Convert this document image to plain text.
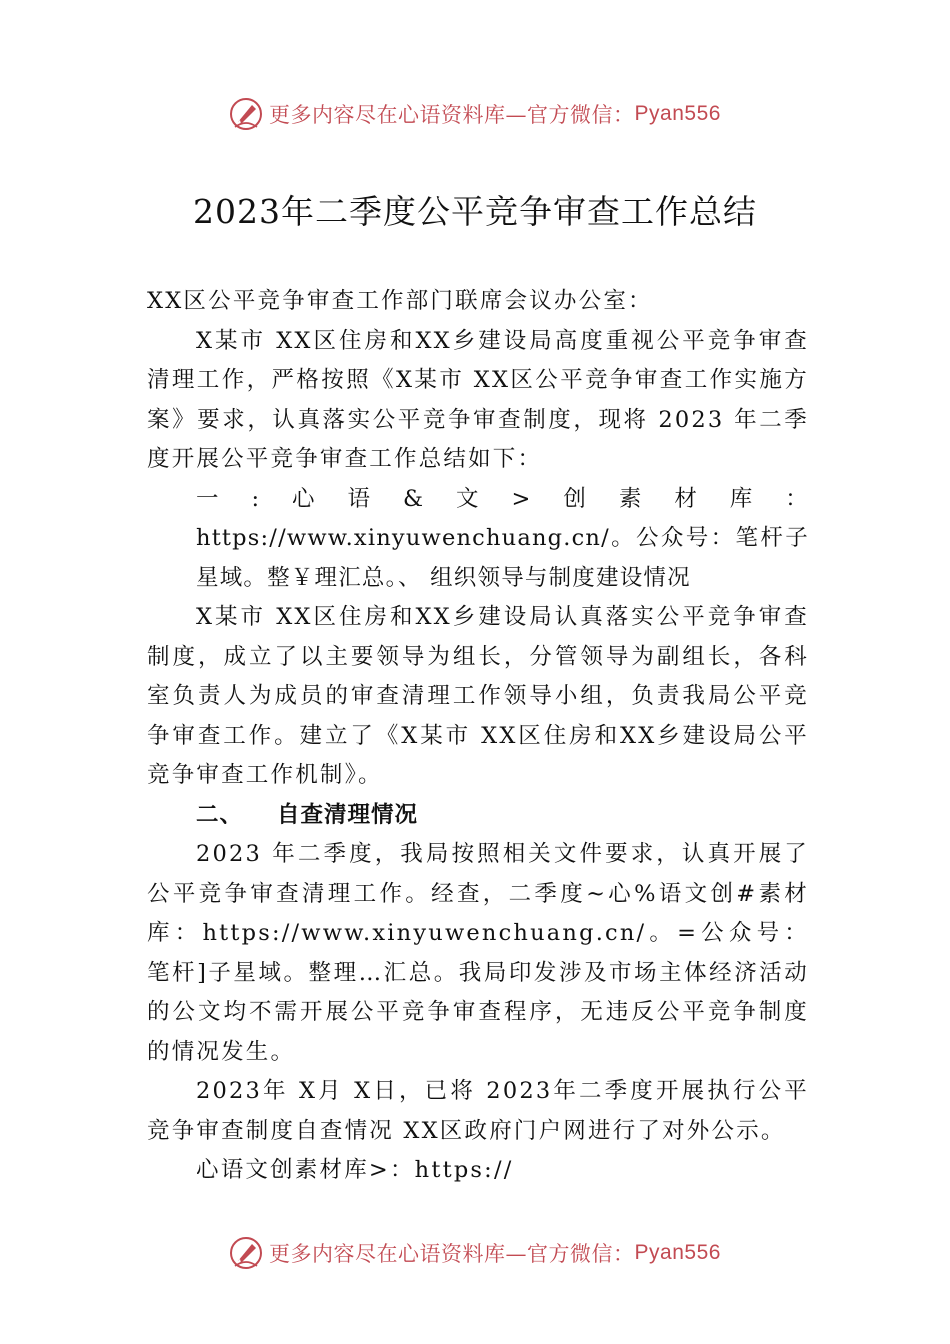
更多内容尽在心语资料库—官方微信： Pyan556
2023年二季度公平竞争审查工作总结

XX区公平竞争审查工作部门联席会议办公室：

X某市 XX区住房和XX乡建设局高度重视公平竞争审查清理工作，严格按照《X某市 XX区公平竞争审查工作实施方案》要求，认真落实公平竞争审查制度，现将 2023 年二季度开展公平竞争审查工作总结如下：

一:心语&文>创素材库：https://www.xinyuwenchuang.cn/。公众号：笔杆子星域。整￥理汇总。、 组织领导与制度建设情况

X某市 XX区住房和XX乡建设局认真落实公平竞争审查制度，成立了以主要领导为组长，分管领导为副组长，各科室负责人为成员的审查清理工作领导小组，负责我局公平竞争审查工作。建立了《X某市 XX区住房和XX乡建设局公平竞争审查工作机制》。

二、 自查清理情况

2023 年二季度，我局按照相关文件要求，认真开展了公平竞争审查清理工作。经查，二季度~心%语文创#素材库：https://www.xinyuwenchuang.cn/。=公众号：笔杆]子星域。整理…汇总。我局印发涉及市场主体经济活动的公文均不需开展公平竞争审查程序，无违反公平竞争制度的情况发生。

2023年 X月 X日，已将 2023年二季度开展执行公平竞争审查制度自查情况 XX区政府门户网进行了对外公示。

心语文创素材库>：https://

更多内容尽在心语资料库—官方微信： Pyan556
